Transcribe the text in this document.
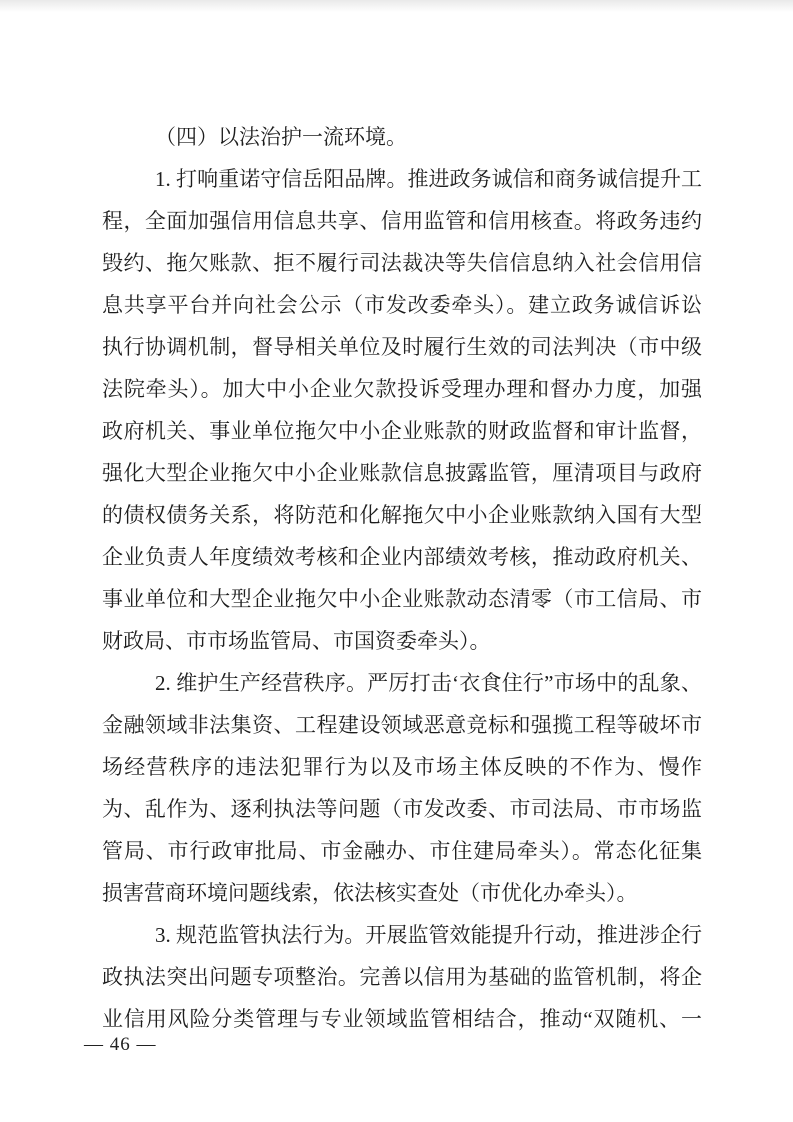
（四）以法治护一流环境。
1. 打响重诺守信岳阳品牌。推进政务诚信和商务诚信提升工
程，全面加强信用信息共享、信用监管和信用核查。将政务违约
毁约、拖欠账款、拒不履行司法裁决等失信信息纳入社会信用信
息共享平台并向社会公示（市发改委牵头）。建立政务诚信诉讼
执行协调机制，督导相关单位及时履行生效的司法判决（市中级
法院牵头）。加大中小企业欠款投诉受理办理和督办力度，加强
政府机关、事业单位拖欠中小企业账款的财政监督和审计监督，
强化大型企业拖欠中小企业账款信息披露监管，厘清项目与政府
的债权债务关系，将防范和化解拖欠中小企业账款纳入国有大型
企业负责人年度绩效考核和企业内部绩效考核，推动政府机关、
事业单位和大型企业拖欠中小企业账款动态清零（市工信局、市
财政局、市市场监管局、市国资委牵头）。
2. 维护生产经营秩序。严厉打击‘衣食住行”市场中的乱象、
金融领域非法集资、工程建设领域恶意竞标和强揽工程等破坏市
场经营秩序的违法犯罪行为以及市场主体反映的不作为、慢作
为、乱作为、逐利执法等问题（市发改委、市司法局、市市场监
管局、市行政审批局、市金融办、市住建局牵头）。常态化征集
损害营商环境问题线索，依法核实查处（市优化办牵头）。
3. 规范监管执法行为。开展监管效能提升行动，推进涉企行
政执法突出问题专项整治。完善以信用为基础的监管机制，将企
业信用风险分类管理与专业领域监管相结合，推动“双随机、一
— 46 —
